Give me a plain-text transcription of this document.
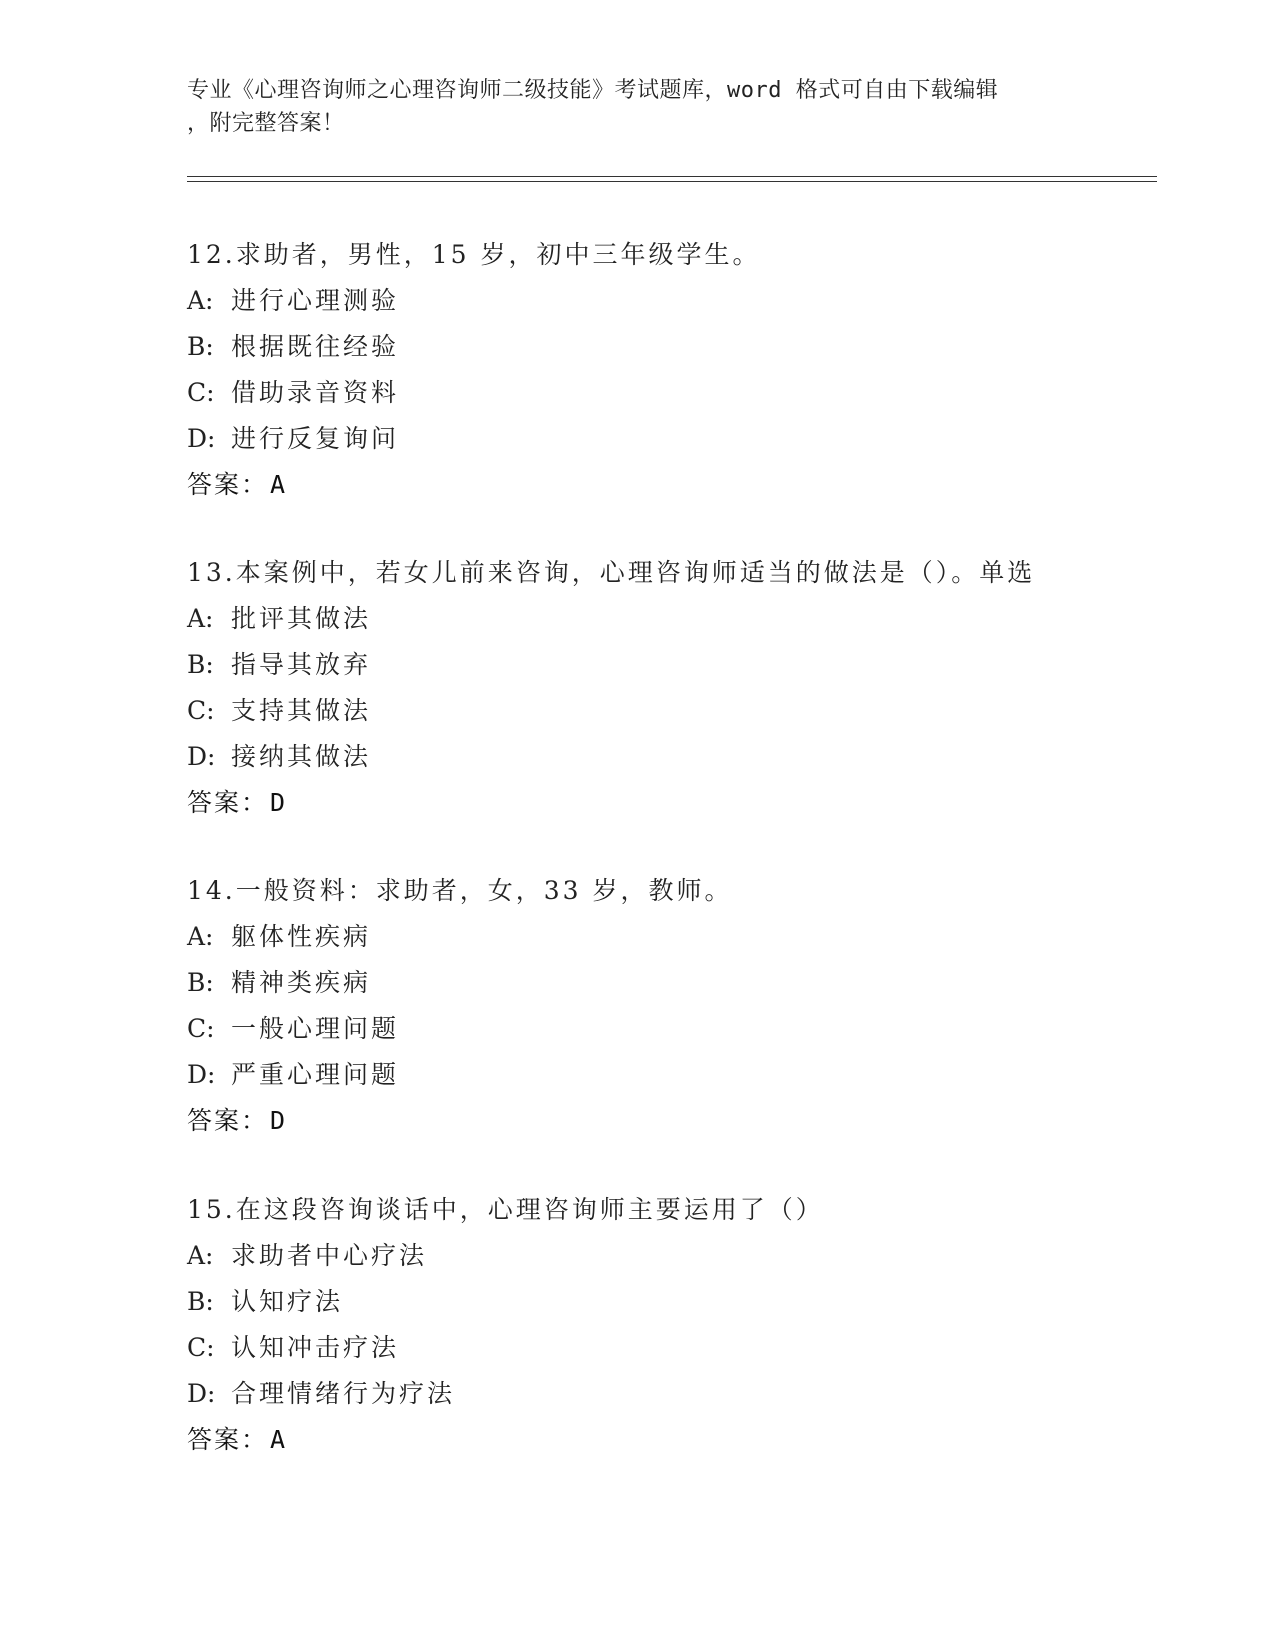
专业《心理咨询师之心理咨询师二级技能》考试题库，word 格式可自由下载编辑
，附完整答案！
12.求助者，男性，15 岁，初中三年级学生。
A: 进行心理测验
B: 根据既往经验
C: 借助录音资料
D: 进行反复询问
答案：A
13.本案例中，若女儿前来咨询，心理咨询师适当的做法是（）。单选
A: 批评其做法
B: 指导其放弃
C: 支持其做法
D: 接纳其做法
答案：D
14.一般资料：求助者，女，33 岁，教师。
A: 躯体性疾病
B: 精神类疾病
C: 一般心理问题
D: 严重心理问题
答案：D
15.在这段咨询谈话中，心理咨询师主要运用了（）
A: 求助者中心疗法
B: 认知疗法
C: 认知冲击疗法
D: 合理情绪行为疗法
答案：A
